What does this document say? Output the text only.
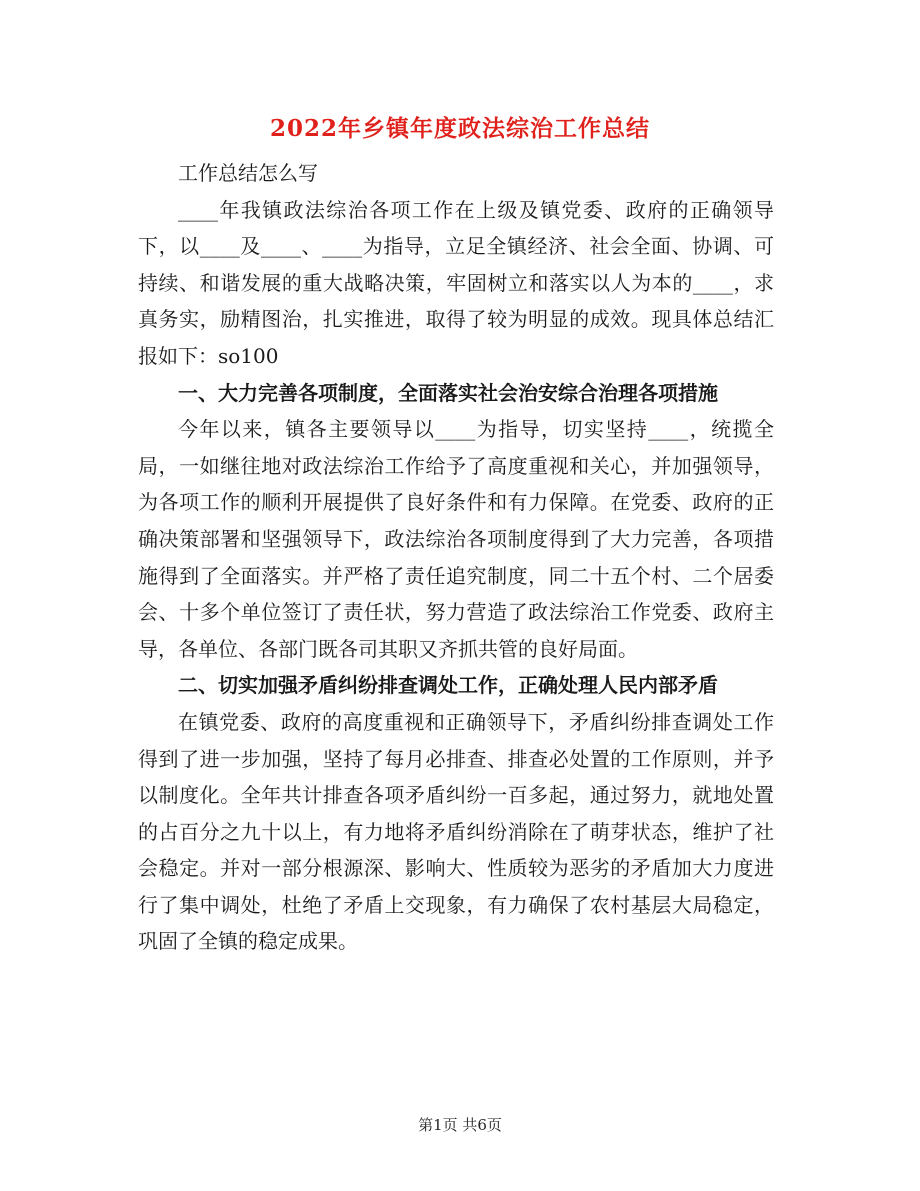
2022年乡镇年度政法综治工作总结

工作总结怎么写

____年我镇政法综治各项工作在上级及镇党委、政府的正确领导下，以____及____、____为指导，立足全镇经济、社会全面、协调、可持续、和谐发展的重大战略决策，牢固树立和落实以人为本的____，求真务实，励精图治，扎实推进，取得了较为明显的成效。现具体总结汇报如下：so100

一、大力完善各项制度，全面落实社会治安综合治理各项措施

今年以来，镇各主要领导以____为指导，切实坚持____，统揽全局，一如继往地对政法综治工作给予了高度重视和关心，并加强领导，为各项工作的顺利开展提供了良好条件和有力保障。在党委、政府的正确决策部署和坚强领导下，政法综治各项制度得到了大力完善，各项措施得到了全面落实。并严格了责任追究制度，同二十五个村、二个居委会、十多个单位签订了责任状，努力营造了政法综治工作党委、政府主导，各单位、各部门既各司其职又齐抓共管的良好局面。

二、切实加强矛盾纠纷排查调处工作，正确处理人民内部矛盾

在镇党委、政府的高度重视和正确领导下，矛盾纠纷排查调处工作得到了进一步加强，坚持了每月必排查、排查必处置的工作原则，并予以制度化。全年共计排查各项矛盾纠纷一百多起，通过努力，就地处置的占百分之九十以上，有力地将矛盾纠纷消除在了萌芽状态，维护了社会稳定。并对一部分根源深、影响大、性质较为恶劣的矛盾加大力度进行了集中调处，杜绝了矛盾上交现象，有力确保了农村基层大局稳定，巩固了全镇的稳定成果。

第1页 共6页
